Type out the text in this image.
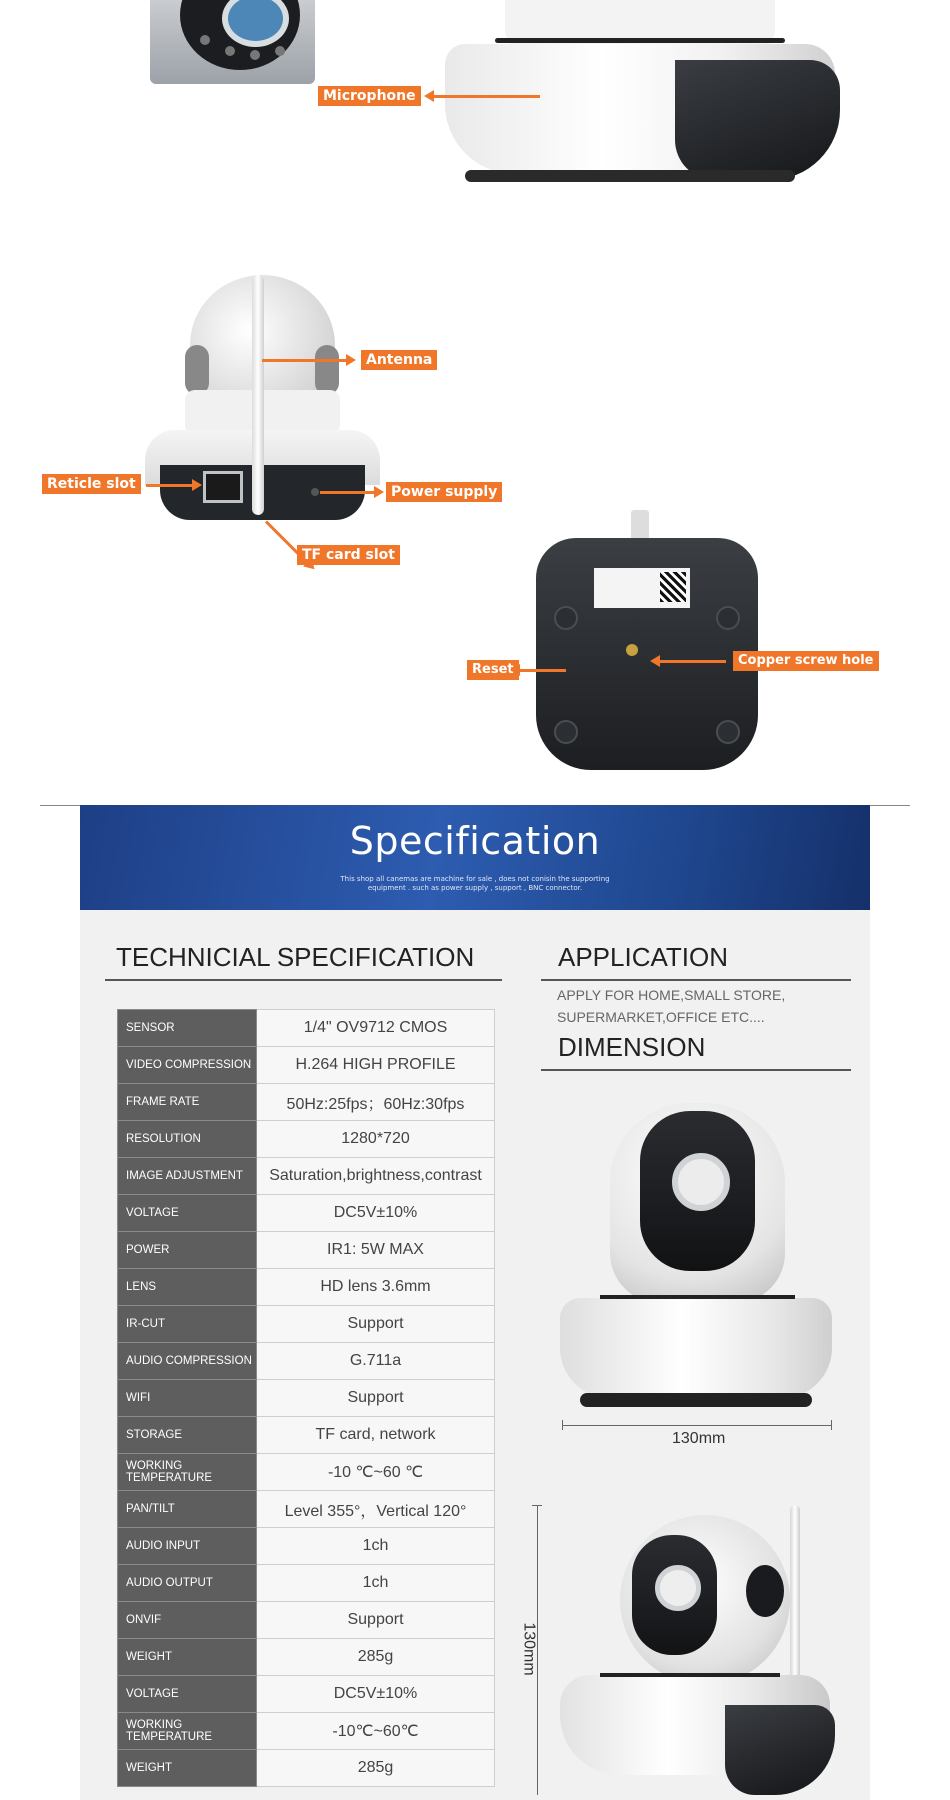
Microphone
Antenna
Reticle slot	Power supply
TF card slot
Reset
Copper screw hole
Specification
This shop all canemas are machine for sale , does not conisin the supporting
equipment . such as power supply , support , BNC connector.
TECHNICIAL SPECIFICATION
SENSOR	1/4" OV9712 CMOS
VIDEO COMPRESSION	H.264 HIGH PROFILE
FRAME RATE	50Hz:25fps；60Hz:30fps
RESOLUTION	1280*720
IMAGE ADJUSTMENT	Saturation,brightness,contrast
VOLTAGE	DC5V±10%
POWER	IR1: 5W MAX
LENS	HD lens 3.6mm
IR-CUT	Support
AUDIO COMPRESSION	G.711a
WIFI	Support
STORAGE	TF card, network
WORKING TEMPERATURE	-10 ℃~60 ℃
PAN/TILT	Level 355°，Vertical 120°
AUDIO INPUT	1ch
AUDIO OUTPUT	1ch
ONVIF	Support
WEIGHT	285g
VOLTAGE	DC5V±10%
WORKING TEMPERATURE	-10℃~60℃
WEIGHT	285g
APPLICATION
APPLY FOR HOME,SMALL STORE,
SUPERMARKET,OFFICE ETC....
DIMENSION
130mm
130mm
